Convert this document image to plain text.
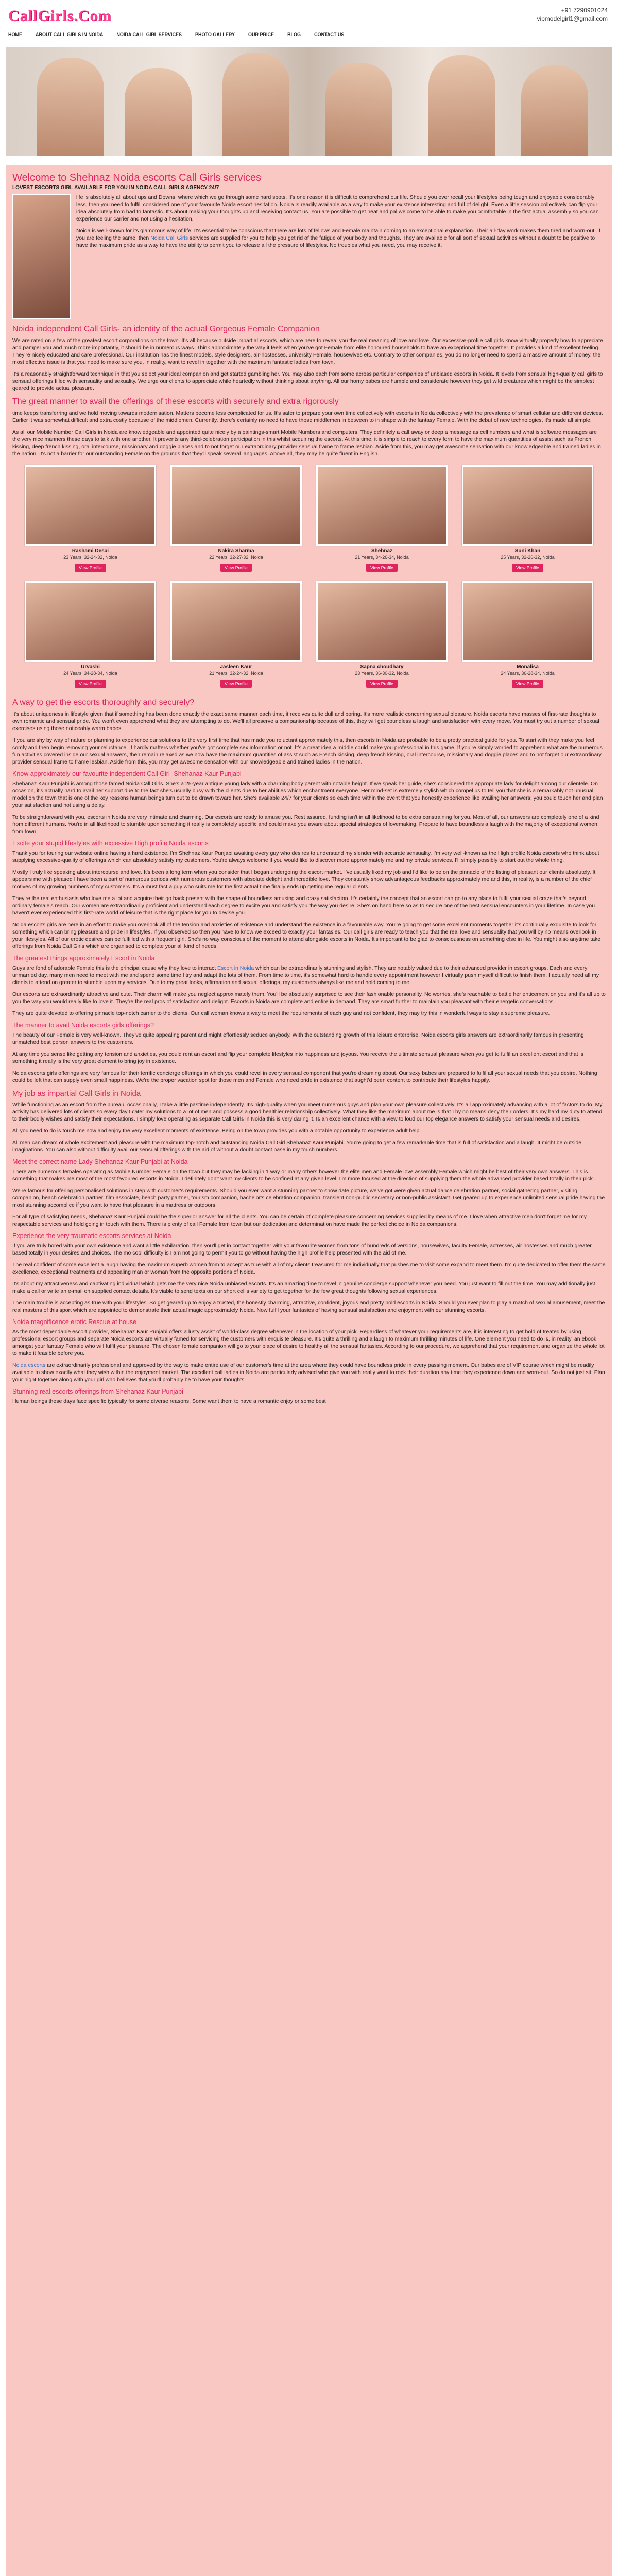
CallGirls.Com	+91 7290901024
vipmodelgirl1@gmail.com
HOME	ABOUT CALL GIRLS IN NOIDA	NOIDA CALL GIRL SERVICES	PHOTO GALLERY	OUR PRICE	BLOG	CONTACT US
Welcome to Shehnaz Noida escorts Call Girls services
LOVEST ESCORTS GIRL AVAILABLE FOR YOU IN NOIDA CALL GIRLS AGENCY 24/7

life is absolutely all about ups and Downs, where which we go through some hard spots. It's one reason it is difficult to comprehend our life. Should you ever recall your lifestyles being tough and enjoyable considerably less, then you need to fulfill considered one of your favourite Noida escort hesitation. Noida is readily available as a way to make your existence interesting and full of delight. Even a little session collectively can flip your idea absolutely from bad to fantastic. It's about making your thoughts up and receiving contact us. You are possible to get heat and pal welcome to be able to make you comfortable in the first actual assembly so you can experience our carrier and not using a hesitation.

Noida is well-known for its glamorous way of life. It's essential to be conscious that there are lots of fellows and Female maintain coming to an exceptional explanation. Their all-day work makes them tired and worn-out. If you are feeling the same, then Noida Call Girls services are supplied for you to help you get rid of the fatigue of your body and thoughts. They are available for all sort of sexual activities without a doubt to be positive to have the maximum pride as a way to have the ability to permit you to release all the pressure of lifestyles. No troubles what you need, you may receive it.

Noida independent Call Girls- an identity of the actual Gorgeous Female Companion

We are rated on a few of the greatest escort corporations on the town. It's all because outside impartial escorts, which are here to reveal you the real meaning of love and love. Our excessive-profile call girls know virtually properly how to appreciate and pamper you and much more importantly, it should be in numerous ways. Think approximately the way it feels when you've got Female from elite honoured households to have an exceptional time together. It provides a kind of excellent feeling. They're nicely educated and care professional. Our institution has the finest models, style designers, air-hostesses, university Female, housewives etc. Contrary to other companies, you do no longer need to spend a massive amount of money, the most effective issue is that you need to make sure you, in reality, want to revel in together with the maximum fantastic ladies from town.

It's a reasonably straightforward technique in that you select your ideal companion and get started gambling her. You may also each from some across particular companies of unbiased escorts in Noida. It levels from sensual high-quality call girls to sensual offerings filled with sensuality and sexuality. We urge our clients to appreciate while heartedly without thinking about anything. All our horny babes are humble and considerate however they get wild creatures which might be the simplest geared to provide actual pleasure.

The great manner to avail the offerings of these escorts with securely and extra rigorously

time keeps transferring and we hold moving towards modernisation. Matters become less complicated for us. It's safer to prepare your own time collectively with escorts in Noida collectively with the prevalence of smart cellular and different devices. Earlier it was somewhat difficult and extra costly because of the middlemen. Currently, there's certainly no need to have those middlemen in between to in shape with the fantasy Female. With the debut of new technologies, it's made all simple.

As all our Mobile Number Call Girls in Noida are knowledgeable and appointed quite nicely by a paintings-smart Mobile Numbers and computers. They definitely a call away or deep a message as cell numbers and what is software messages are the very nice manners these days to talk with one another. It prevents any third-celebration participation in this whilst acquiring the escorts. At this time, it is simple to reach to every form to have the maximum quantities of assist such as French kissing, deep french kissing, oral intercourse, missionary and doggie places and to not forget our extraordinary provider sensual frame to frame lesbian. Aside from this, you may get awesome sensation with our knowledgeable and trained ladies in the nation. It's not a barrier for our outstanding Female on the grounds that they'll speak several languages. Above all, they may be quite fluent in English.

Rashami Desai
23 Years, 32-24-32, Noida
View Profile
Nakira Sharma
22 Years, 32-27-32, Noida
View Profile
Shehnaz
21 Years, 34-26-34, Noida
View Profile
Suni Khan
25 Years, 32-26-32, Noida
View Profile
Urvashi
24 Years, 34-28-34, Noida
View Profile
Jasleen Kaur
21 Years, 32-24-32, Noida
View Profile
Sapna choudhary
23 Years, 36-30-32, Noida
View Profile
Monalisa
24 Years, 36-28-34, Noida
View Profile
A way to get the escorts thoroughly and securely?

It's about uniqueness in lifestyle given that if something has been done exactly the exact same manner each time, it receives quite dull and boring. It's more realistic concerning sexual pleasure. Noida escorts have masses of first-rate thoughts to own romantic and sensual pride. You won't even apprehend what they are attempting to do. We'll all preserve a companionship because of this, they will get boundless a laugh and satisfaction with every move. You must try out a number of sexual exercises using those noticeably warm babes.

If you are shy by way of nature or planning to experience our solutions to the very first time that has made you reluctant approximately this, then escorts in Noida are probable to be a pretty practical guide for you. To start with they make you feel comfy and then begin removing your reluctance. It hardly matters whether you've got complete sex information or not. It's a great idea a middle could make you professional in this game. If you're simply worried to apprehend what are the numerous fun activities covered inside our sexual answers, then remain relaxed as we now have the maximum quantities of assist such as French kissing, deep french kissing, oral intercourse, missionary and doggie places and to not forget our extraordinary provider sensual frame to frame lesbian. Aside from this, you may get awesome sensation with our knowledgeable and trained ladies in the nation.

Know approximately our favourite independent Call Girl- Shehanaz Kaur Punjabi

Shehanaz Kaur Punjabi is among those famed Noida Call Girls. She's a 25-year antique young lady with a charming body parent with notable height. If we speak her guide, she's considered the appropriate lady for delight among our clientele. On occasion, it's actually hard to avail her support due to the fact she's usually busy with the clients due to her abilities which enchantment everyone. Her mind-set is extremely stylish which compel us to tell you that she is a remarkably not unusual model on the town that is one of the key reasons human beings turn out to be drawn toward her. She's available 24/7 for your clients so each time within the event that you honestly experience like availing her answers; you could touch her and plan your satisfaction and not using a delay.

To be straightforward with you, escorts in Noida are very intimate and charming. Our escorts are ready to amuse you. Rest assured, funding isn't in all likelihood to be extra constraining for you. Most of all, our answers are completely one of a kind from different humans. You're in all likelihood to stumble upon something it really is completely specific and could make you aware about special strategies of lovemaking. Prepare to have boundless a laugh with the majority of exceptional women from town.

Excite your stupid lifestyles with excessive High profile Noida escorts

Thank you for touring our website online having a hard existence. I'm Shehnaz Kaur Punjabi awaiting every guy who desires to understand my slender with accurate sensuality. I'm very well-known as the High profile Noida escorts who think about supplying excessive-quality of offerings which can absolutely satisfy my customers. You're always welcome if you would like to discover more approximately me and my private services. I'll simply possibly to start out the whole thing.

Mostly I truly like speaking about intercourse and love. It's been a long term when you consider that I began undergoing the escort market. I've usually liked my job and I'd like to be on the pinnacle of the listing of pleasant our clients absolutely. It appears me with pleased I have been a part of numerous periods with numerous customers with absolute delight and incredible love. They constantly show advantageous feedbacks approximately me and this, in reality, is a number of the chief motives of my growing numbers of my customers. It's a must fact a guy who suits me for the first actual time finally ends up getting me regular clients.

They're the real enthusiasts who love me a lot and acquire their go back present with the shape of boundless amusing and crazy satisfaction. It's certainly the concept that an escort can go to any place to fulfil your sexual craze that's beyond ordinary female's reach. Our women are extraordinarily proficient and understand each degree to excite you and satisfy you the way you desire. She's on hand here so as to secure one of the best sensual encounters in your lifetime. In case you haven't ever experienced this first-rate world of leisure that is the right place for you to devise you.

Noida escorts girls are here in an effort to make you overlook all of the tension and anxieties of existence and understand the existence in a favourable way. You're going to get some excellent moments together it's continually exquisite to look for something which can bring pleasure and pride in lifestyles. If you observed so then you have to know we exceed to exactly your fantasies. Our call girls are ready to teach you that the real love and sensuality that you will by no means overlook in your lifestyles. All of our erotic desires can be fulfilled with a frequent girl. She's no way conscious of the moment to attend alongside escorts in Noida. It's important to be glad to consciousness on something else in life. You might also anytime take offerings from Noida Call Girls which are organised to complete your all kind of needs.

The greatest things approximately Escort in Noida

Guys are fond of adorable Female this is the principal cause why they love to interact Escort in Noida which can be extraordinarily stunning and stylish. They are notably valued due to their advanced provider in escort groups. Each and every unmarried day, many men need to meet with me and spend some time I try and adapt the lots of them. From time to time, it's somewhat hard to handle every appointment however I virtually push myself difficult to finish them. I actually need all my clients to attend on greater to stumble upon my services. Due to my great looks, affirmation and sexual offerings, my customers always like me and hold coming to me.

Our escorts are extraordinarily attractive and cute. Their charm will make you neglect approximately them. You'll be absolutely surprised to see their fashionable personality. No worries, she's reachable to battle her enticement on you and it's all up to you the way you would really like to love it. They're the real pros of satisfaction and delight. Escorts in Noida are complete and entire in demand. They are smart further to maintain you pleasant with their energetic conversations.

They are quite devoted to offering pinnacle top-notch carrier to the clients. Our call woman knows a way to meet the requirements of each guy and not confident, they may try this in wonderful ways to stay a supreme pleasure.

The manner to avail Noida escorts girls offerings?

The beauty of our Female is very well-known. They've quite appealing parent and might effortlessly seduce anybody. With the outstanding growth of this leisure enterprise, Noida escorts girls answers are extraordinarily famous in presenting unmatched best person answers to the customers.

At any time you sense like getting any tension and anxieties, you could rent an escort and flip your complete lifestyles into happiness and joyous. You receive the ultimate sensual pleasure when you get to fulfil an excellent escort and that is something it really is the very great element to bring joy in existence.

Noida escorts girls offerings are very famous for their terrific concierge offerings in which you could revel in every sensual component that you're dreaming about. Our sexy babes are prepared to fulfil all your sexual needs that you desire. Nothing could be left that can supply even small happiness. We're the proper vacation spot for those men and Female who need pride in existence that aught'd been content to contribute their lifestyles happily.

My job as impartial Call Girls in Noida

While functioning as an escort from the bureau, occasionally, I take a little pastime independently. It's high-quality when you meet numerous guys and plan your own pleasure collectively. It's all approximately advancing with a lot of factors to do. My activity has delivered lots of clients so every day I cater my solutions to a lot of men and possess a good healthier relationship collectively. What they like the maximum about me is that I by no means deny their orders. It's my hard my duty to attend to their bodily wishes and satisfy their expectations. I simply love operating as separate Call Girls in Noida this is very daring it. Is an excellent chance with a view to loud our top elegance answers to satisfy your sensual needs and desires.

All you need to do is touch me now and enjoy the very excellent moments of existence. Being on the town provides you with a notable opportunity to experience adult help.

All men can dream of whole excitement and pleasure with the maximum top-notch and outstanding Noida Call Girl Shehanaz Kaur Punjabi. You're going to get a few remarkable time that is full of satisfaction and a laugh. It might be outside imaginations. You can also without difficulty avail our sensual offerings with the aid of without a doubt contact base in my touch numbers.

Meet the correct name Lady Shehanaz Kaur Punjabi at Noida

There are numerous females operating as Mobile Number Female on the town but they may be lacking in 1 way or many others however the elite men and Female love assembly Female which might be best of their very own answers. This is something that makes me most of the most favoured escorts in Noida. I definitely don't want my clients to be confined at any given level. I'm more focused at the direction of supplying them the whole advanced provider based totally in their pick.

We're famous for offering personalised solutions in step with customer's requirements. Should you ever want a stunning partner to show date picture, we've got were given actual dance celebration partner, social gathering partner, visiting companion, beach celebration partner, film associate, beach party partner, tourism companion, bachelor's celebration companion, transient non-public secretary or non-public assistant. Get geared up to experience unlimited sensual pride having the most stunning accomplice if you want to have that pleasure in a mattress or outdoors.

For all type of satisfying needs, Shehanaz Kaur Punjabi could be the superior answer for all the clients. You can be certain of complete pleasure concerning services supplied by means of me. I love when attractive men don't forget me for my respectable services and hold going in touch with them. There is plenty of call Female from town but our dedication and determination have made the perfect choice in Noida companions.

Experience the very traumatic escorts services at Noida

If you are truly bored with your own existence and want a little exhilaration, then you'll get in contact together with your favourite women from tons of hundreds of versions, housewives, faculty Female, actresses, air hostesses and much greater based totally in your desires and choices. The mo cool difficulty is I am not going to permit you to go without having the high profile help presented with the aid of me.

The real confident of some excellent a laugh having the maximum superb women from to accept as true with all of my clients treasured for me individually that pushes me to visit some expand to meet them. I'm quite dedicated to offer them the same excellence, exceptional treatments and appealing man or woman from the opposite portions of Noida.

It's about my attractiveness and captivating individual which gets me the very nice Noida unbiased escorts. It's an amazing time to revel in genuine concierge support whenever you need. You just want to fill out the time. You may additionally just make a call or write an e-mail on supplied contact details. It's viable to send texts on our short cell's variety to get together for the few great thoughts following sexual experiences.

The main trouble is accepting as true with your lifestyles. So get geared up to enjoy a trusted, the honestly charming, attractive, confident, joyous and pretty bold escorts in Noida. Should you ever plan to play a match of sexual amusement, meet the real masters of this sport which are appointed to demonstrate their actual magic approximately Noida. Now fulfil your fantasies of having sensual satisfaction and enjoyment with our stunning escorts.

Noida magnificence erotic Rescue at house

As the most dependable escort provider, Shehanaz Kaur Punjabi offers a lusty assist of world-class degree whenever in the location of your pick. Regardless of whatever your requirements are, it is interesting to get hold of treated by using professional escort groups and separate Noida escorts are virtually famed for servicing the customers with exquisite pleasure. It's quite a thrilling and a laugh to maximum thrilling minutes of life. One element you need to do is, in reality, an ebook amongst your fantasy Female who will fulfil your pleasure. The chosen female companion will go to your place of desire to healthy all the sensual fantasies. According to our procedure, we apprehend that your requirement and organize the whole lot to make it feasible before you.

Noida escorts are extraordinarily professional and approved by the way to make entire use of our customer's time at the area where they could have boundless pride in every passing moment. Our babes are of VIP course which might be readily available to show exactly what they wish within the enjoyment market. The excellent call ladies in Noida are particularly advised who give you with really want to rock their duration any time they experience down and worn-out. So do not just sit. Plan your night together along with your girl who believes that you'll probably be to have your thoughts.

Stunning real escorts offerings from Shehanaz Kaur Punjabi

Human beings these days face specific typically for some diverse reasons. Some want them to have a romantic enjoy or some best
